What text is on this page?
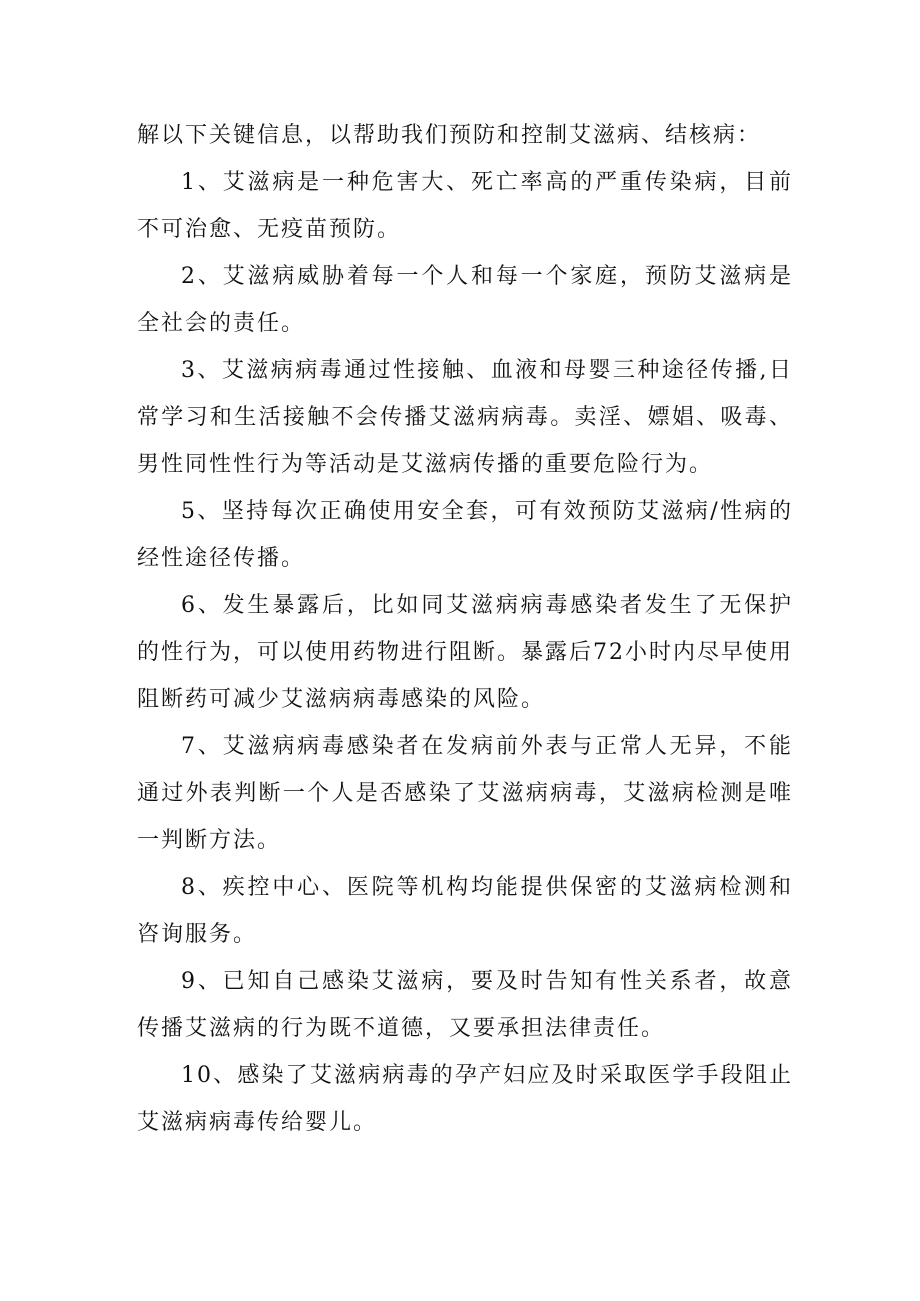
解以下关键信息，以帮助我们预防和控制艾滋病、结核病：

1、艾滋病是一种危害大、死亡率高的严重传染病，目前不可治愈、无疫苗预防。

2、艾滋病威胁着每一个人和每一个家庭，预防艾滋病是全社会的责任。

3、艾滋病病毒通过性接触、血液和母婴三种途径传播,日常学习和生活接触不会传播艾滋病病毒。卖淫、嫖娼、吸毒、男性同性性行为等活动是艾滋病传播的重要危险行为。

5、坚持每次正确使用安全套，可有效预防艾滋病/性病的经性途径传播。

6、发生暴露后，比如同艾滋病病毒感染者发生了无保护的性行为，可以使用药物进行阻断。暴露后72小时内尽早使用阻断药可减少艾滋病病毒感染的风险。

7、艾滋病病毒感染者在发病前外表与正常人无异，不能通过外表判断一个人是否感染了艾滋病病毒，艾滋病检测是唯一判断方法。

8、疾控中心、医院等机构均能提供保密的艾滋病检测和咨询服务。

9、已知自己感染艾滋病，要及时告知有性关系者，故意传播艾滋病的行为既不道德，又要承担法律责任。

10、感染了艾滋病病毒的孕产妇应及时采取医学手段阻止艾滋病病毒传给婴儿。
